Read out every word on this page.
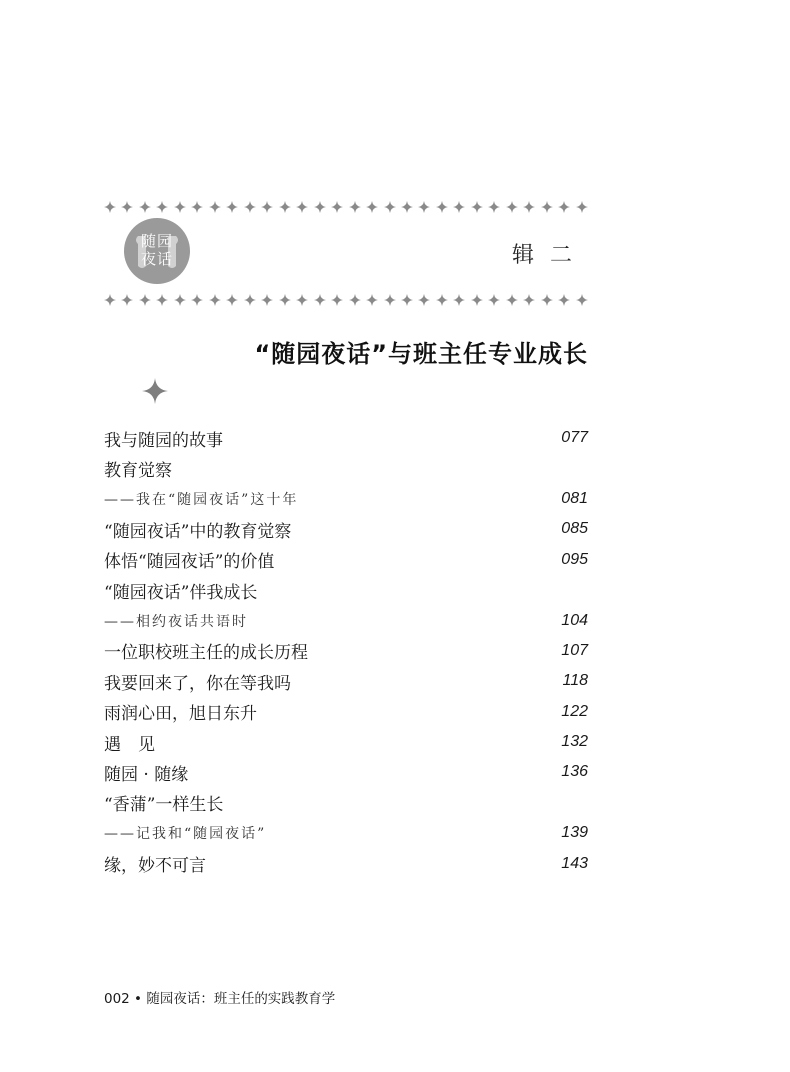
随园夜话	辑二
“随园夜话”与班主任专业成长
我与随园的故事	077
教育觉察
——我在“随园夜话”这十年	081
“随园夜话”中的教育觉察	085
体悟“随园夜话”的价值	095
“随园夜话”伴我成长
——相约夜话共语时	104
一位职校班主任的成长历程	107
我要回来了，你在等我吗	118
雨润心田，旭日东升	122
遇　见	132
随园 · 随缘	136
“香蒲”一样生长
——记我和“随园夜话”	139
缘，妙不可言	143
002 • 随园夜话：班主任的实践教育学
